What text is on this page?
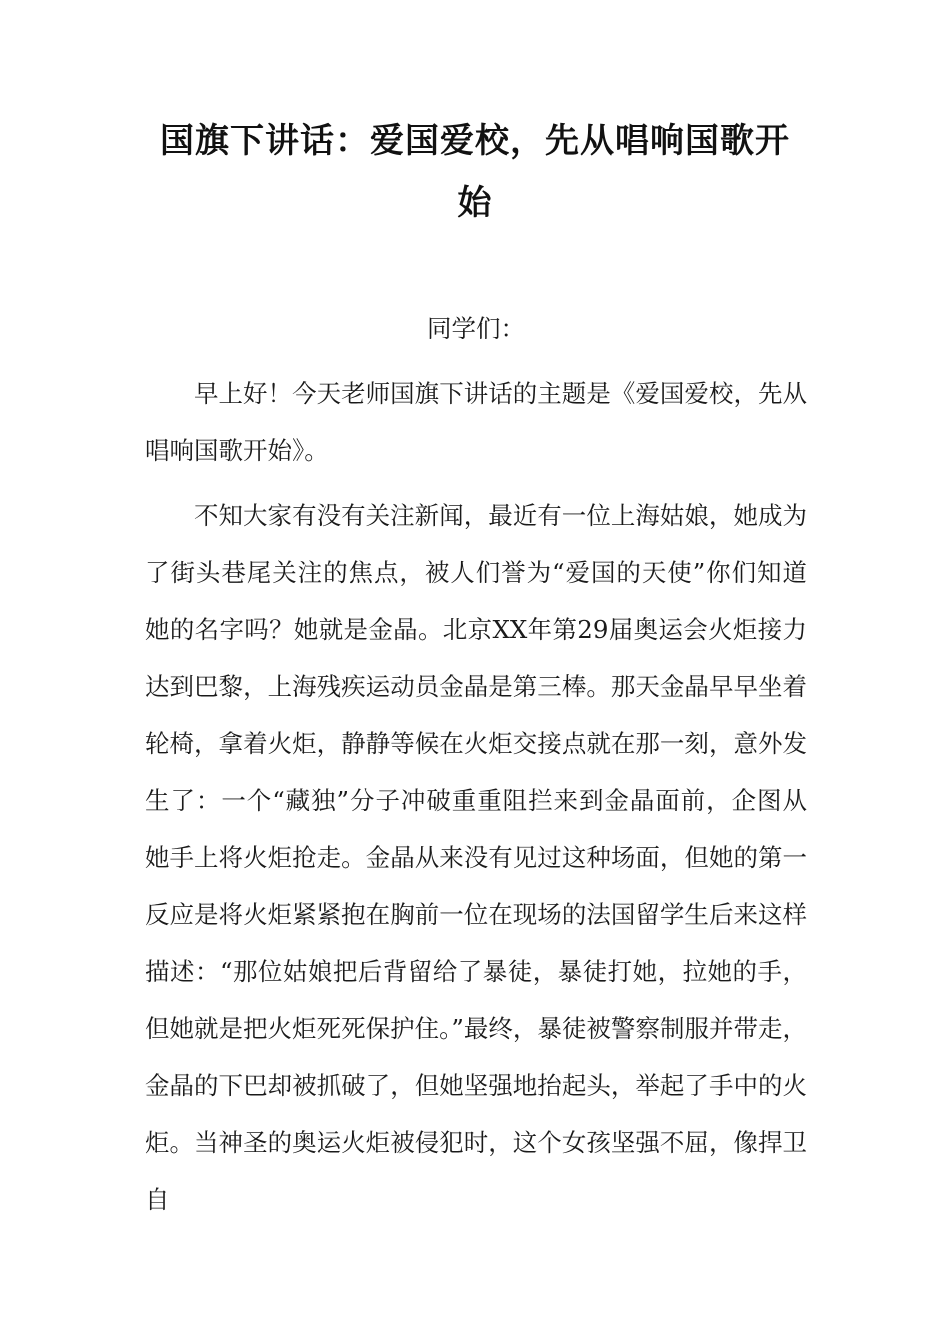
国旗下讲话：爱国爱校，先从唱响国歌开始

同学们：

早上好！今天老师国旗下讲话的主题是《爱国爱校，先从唱响国歌开始》。

不知大家有没有关注新闻，最近有一位上海姑娘，她成为了街头巷尾关注的焦点，被人们誉为“爱国的天使”你们知道她的名字吗？她就是金晶。北京XX年第29届奥运会火炬接力达到巴黎，上海残疾运动员金晶是第三棒。那天金晶早早坐着轮椅，拿着火炬，静静等候在火炬交接点就在那一刻，意外发生了：一个“藏独”分子冲破重重阻拦来到金晶面前，企图从她手上将火炬抢走。金晶从来没有见过这种场面，但她的第一反应是将火炬紧紧抱在胸前一位在现场的法国留学生后来这样描述：“那位姑娘把后背留给了暴徒，暴徒打她，拉她的手，但她就是把火炬死死保护住。”最终，暴徒被警察制服并带走，金晶的下巴却被抓破了，但她坚强地抬起头，举起了手中的火炬。当神圣的奥运火炬被侵犯时，这个女孩坚强不屈，像捍卫自
